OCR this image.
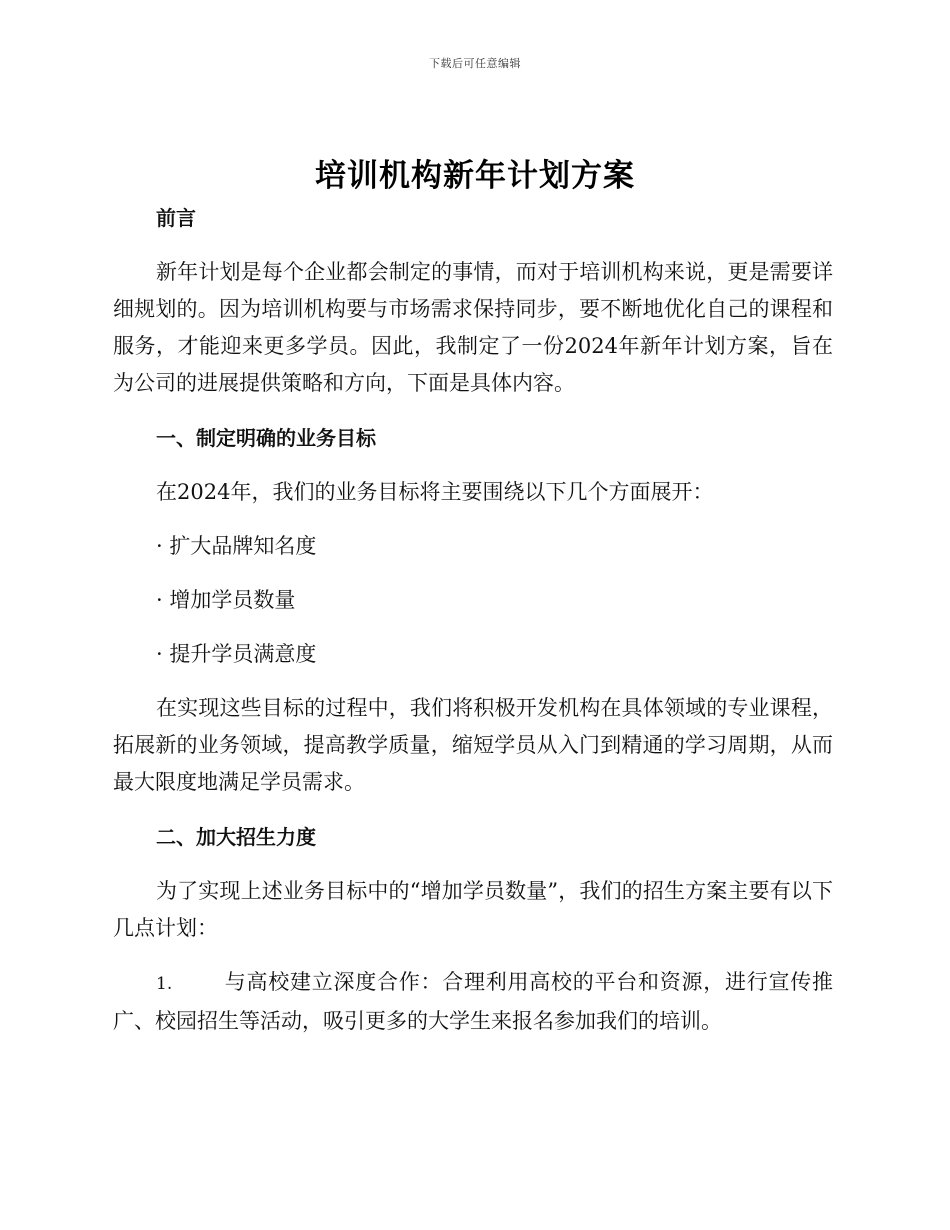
下载后可任意编辑
培训机构新年计划方案

前言

新年计划是每个企业都会制定的事情，而对于培训机构来说，更是需要详细规划的。因为培训机构要与市场需求保持同步，要不断地优化自己的课程和服务，才能迎来更多学员。因此，我制定了一份2024年新年计划方案，旨在为公司的进展提供策略和方向，下面是具体内容。

一、制定明确的业务目标

在2024年，我们的业务目标将主要围绕以下几个方面展开：

· 扩大品牌知名度

· 增加学员数量

· 提升学员满意度

在实现这些目标的过程中，我们将积极开发机构在具体领域的专业课程，拓展新的业务领域，提高教学质量，缩短学员从入门到精通的学习周期，从而最大限度地满足学员需求。

二、加大招生力度

为了实现上述业务目标中的“增加学员数量”，我们的招生方案主要有以下几点计划：

1. 与高校建立深度合作：合理利用高校的平台和资源，进行宣传推广、校园招生等活动，吸引更多的大学生来报名参加我们的培训。
